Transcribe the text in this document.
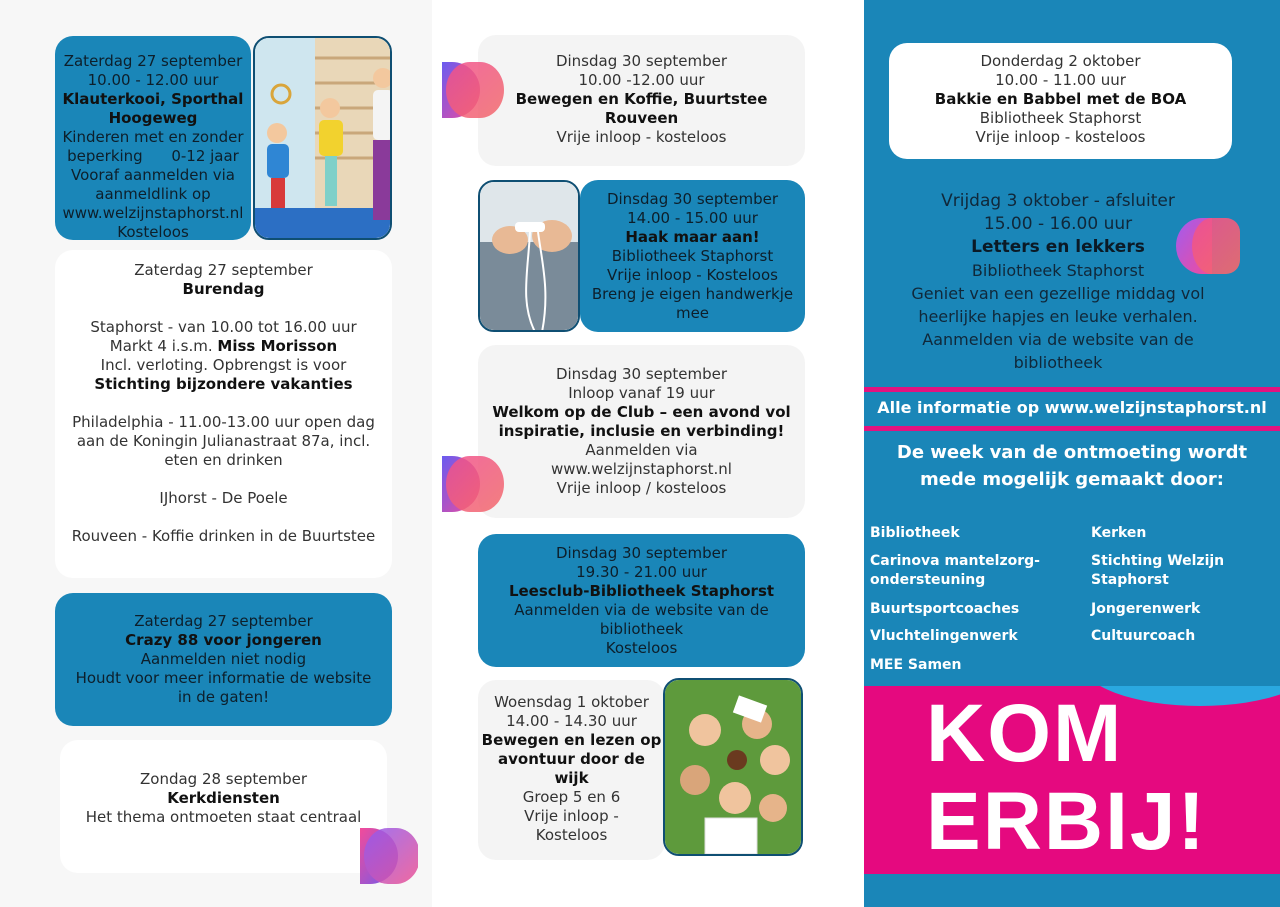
Zaterdag 27 september
10.00 - 12.00 uur
Klauterkooi, Sporthal Hoogeweg
Kinderen met en zonder
beperking      0-12 jaar
Vooraf aanmelden via
aanmeldlink op
www.welzijnstaphorst.nl
Kosteloos
Zaterdag 27 september
Burendag
Staphorst - van 10.00 tot 16.00 uur
Markt 4 i.s.m. Miss Morisson
Incl. verloting. Opbrengst is voor
Stichting bijzondere vakanties
Philadelphia - 11.00-13.00 uur open dag
aan de Koningin Julianastraat 87a, incl.
eten en drinken
IJhorst - De Poele
Rouveen - Koffie drinken in de Buurtstee
Zaterdag 27 september
Crazy 88 voor jongeren
Aanmelden niet nodig
Houdt voor meer informatie de website
in de gaten!
Zondag 28 september
Kerkdiensten
Het thema ontmoeten staat centraal
Dinsdag 30 september
10.00 -12.00 uur
Bewegen en Koffie, Buurtstee Rouveen
Vrije inloop - kosteloos
Dinsdag 30 september
14.00 - 15.00 uur
Haak maar aan!
Bibliotheek Staphorst
Vrije inloop - Kosteloos
Breng je eigen handwerkje
mee
Dinsdag 30 september
Inloop vanaf 19 uur
Welkom op de Club – een avond vol inspiratie, inclusie en verbinding!
Aanmelden via
www.welzijnstaphorst.nl
Vrije inloop / kosteloos
Dinsdag 30 september
19.30 - 21.00 uur
Leesclub-Bibliotheek Staphorst
Aanmelden via de website van de
bibliotheek
Kosteloos
Woensdag 1 oktober
14.00 - 14.30 uur
Bewegen en lezen op avontuur door de wijk
Groep 5 en 6
Vrije inloop -
Kosteloos
Donderdag 2 oktober
10.00 - 11.00 uur
Bakkie en Babbel met de BOA
Bibliotheek Staphorst
Vrije inloop - kosteloos
Vrijdag 3 oktober - afsluiter
15.00 - 16.00 uur
Letters en lekkers
Bibliotheek Staphorst
Geniet van een gezellige middag vol
heerlijke hapjes en leuke verhalen.
Aanmelden via de website van de
bibliotheek
Alle informatie op www.welzijnstaphorst.nl
De week van de ontmoeting wordt
mede mogelijk gemaakt door:
Bibliotheek
Carinova mantelzorg-
ondersteuning
Buurtsportcoaches
Vluchtelingenwerk
MEE Samen
Kerken
Stichting Welzijn
Staphorst
Jongerenwerk
Cultuurcoach
KOM
ERBIJ!
